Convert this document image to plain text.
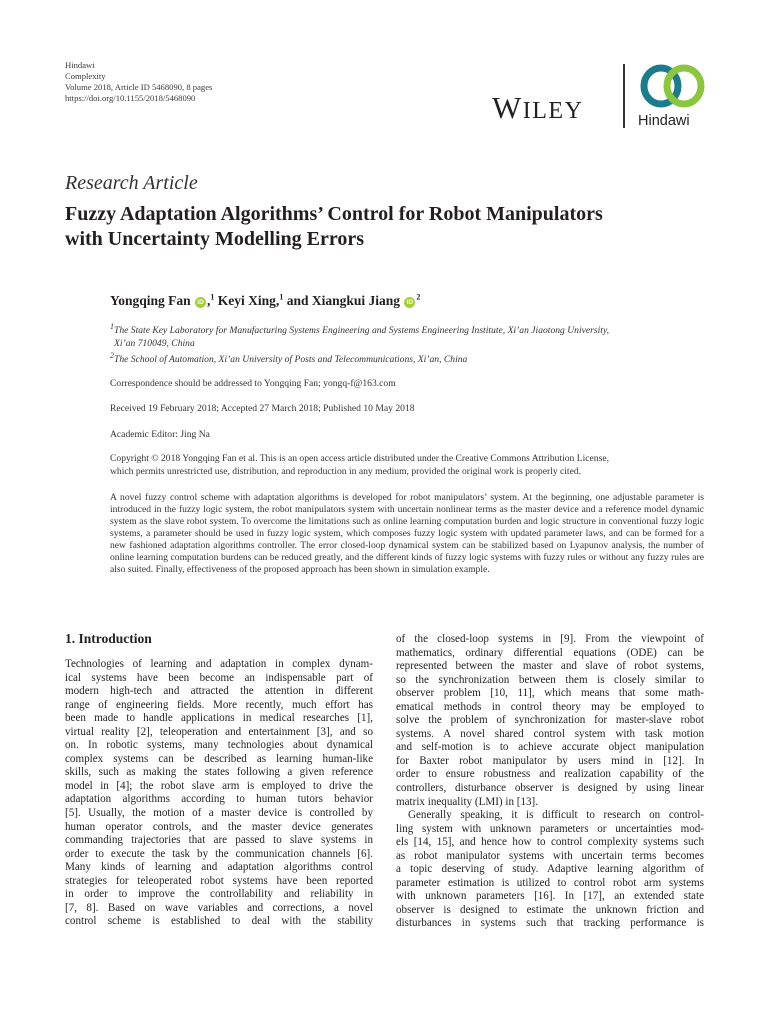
Hindawi
Complexity
Volume 2018, Article ID 5468090, 8 pages
https://doi.org/10.1155/2018/5468090	WILEY	Hindawi
Research Article
Fuzzy Adaptation Algorithms’ Control for Robot Manipulators
with Uncertainty Modelling Errors
Yongqing Fan iD ,$^1$ Keyi Xing,$^1$ and Xiangkui Jiang $iD^2$
$^1$The State Key Laboratory for Manufacturing Systems Engineering and Systems Engineering Institute, Xi’an Jiaotong University,
Xi’an 710049, China
$^2$The School of Automation, Xi’an University of Posts and Telecommunications, Xi’an, China
Correspondence should be addressed to Yongqing Fan; yongq-f@163.com
Received 19 February 2018; Accepted 27 March 2018; Published 10 May 2018
Academic Editor: Jing Na
Copyright © 2018 Yongqing Fan et al. This is an open access article distributed under the Creative Commons Attribution License,
which permits unrestricted use, distribution, and reproduction in any medium, provided the original work is properly cited.
A novel fuzzy control scheme with adaptation algorithms is developed for robot manipulators’ system. At the beginning, one adjustable parameter is introduced in the fuzzy logic system, the robot manipulators system with uncertain nonlinear terms as the master device and a reference model dynamic system as the slave robot system. To overcome the limitations such as online learning computation burden and logic structure in conventional fuzzy logic systems, a parameter should be used in fuzzy logic system, which composes fuzzy logic system with updated parameter laws, and can be formed for a new fashioned adaptation algorithms controller. The error closed-loop dynamical system can be stabilized based on Lyapunov analysis, the number of online learning computation burdens can be reduced greatly, and the different kinds of fuzzy logic systems with fuzzy rules or without any fuzzy rules are also suited. Finally, effectiveness of the proposed approach has been shown in simulation example.
1. Introduction
Technologies of learning and adaptation in complex dynam-
ical systems have been become an indispensable part of
modern high-tech and attracted the attention in different
range of engineering fields. More recently, much effort has
been made to handle applications in medical researches [1],
virtual reality [2], teleoperation and entertainment [3], and so
on. In robotic systems, many technologies about dynamical
complex systems can be described as learning human-like
skills, such as making the states following a given reference
model in [4]; the robot slave arm is employed to drive the
adaptation algorithms according to human tutors behavior
[5]. Usually, the motion of a master device is controlled by
human operator controls, and the master device generates
commanding trajectories that are passed to slave systems in
order to execute the task by the communication channels [6].
Many kinds of learning and adaptation algorithms control
strategies for teleoperated robot systems have been reported
in order to improve the controllability and reliability in
[7, 8]. Based on wave variables and corrections, a novel
control scheme is established to deal with the stability
of the closed-loop systems in [9]. From the viewpoint of
mathematics, ordinary differential equations (ODE) can be
represented between the master and slave of robot systems,
so the synchronization between them is closely similar to
observer problem [10, 11], which means that some math-
ematical methods in control theory may be employed to
solve the problem of synchronization for master-slave robot
systems. A novel shared control system with task motion
and self-motion is to achieve accurate object manipulation
for Baxter robot manipulator by users mind in [12]. In
order to ensure robustness and realization capability of the
controllers, disturbance observer is designed by using linear
matrix inequality (LMI) in [13].
Generally speaking, it is difficult to research on control-
ling system with unknown parameters or uncertainties mod-
els [14, 15], and hence how to control complexity systems such
as robot manipulator systems with uncertain terms becomes
a topic deserving of study. Adaptive learning algorithm of
parameter estimation is utilized to control robot arm systems
with unknown parameters [16]. In [17], an extended state
observer is designed to estimate the unknown friction and
disturbances in systems such that tracking performance is
